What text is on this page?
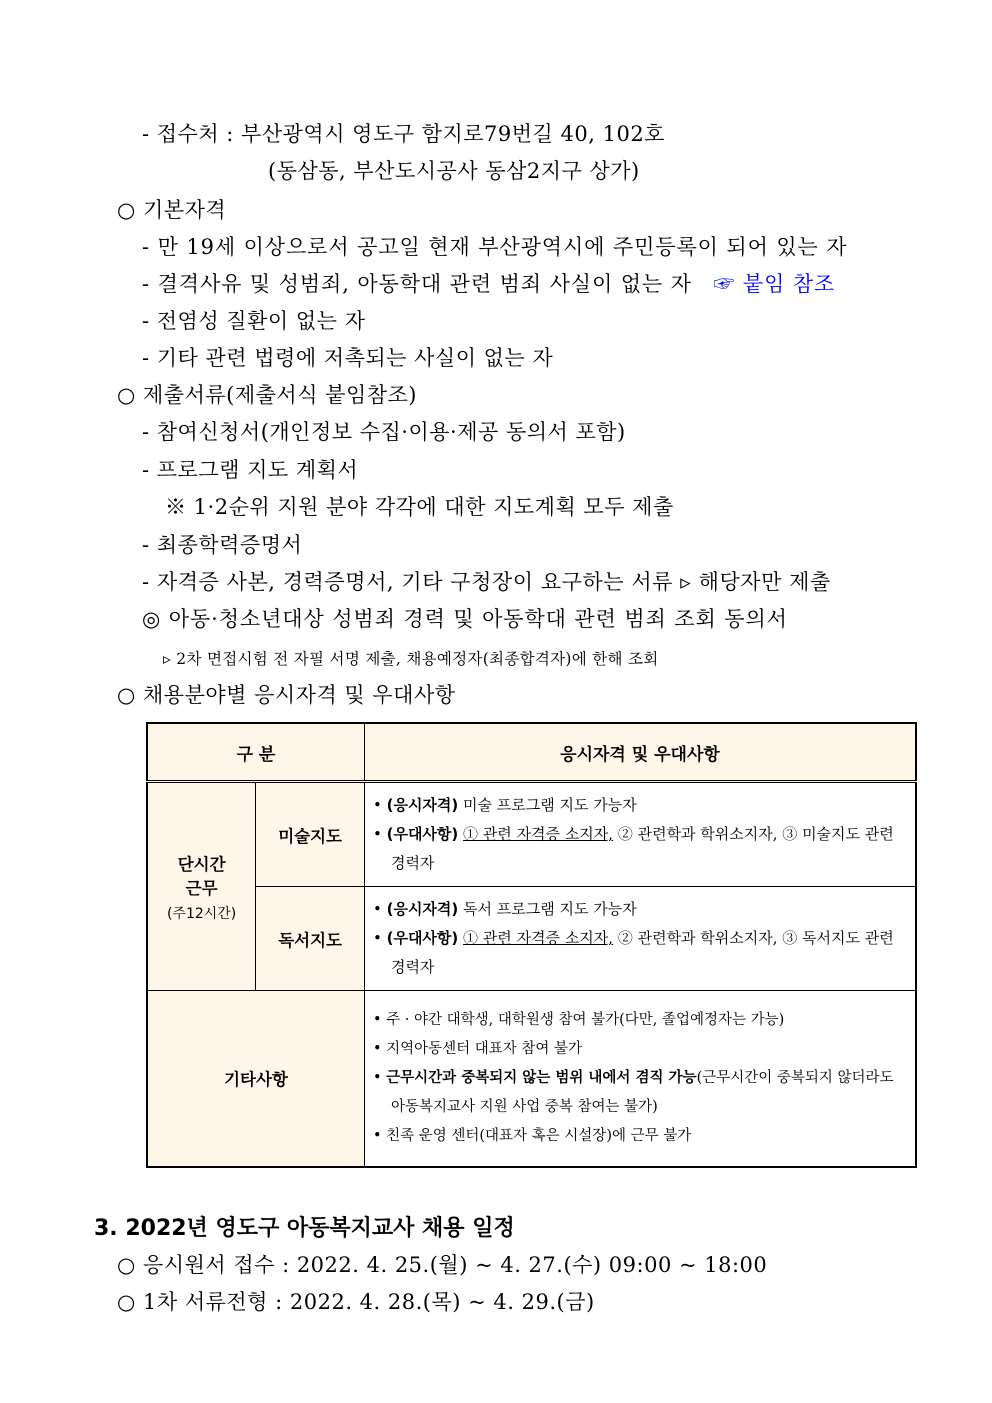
- 접수처 : 부산광역시 영도구 함지로79번길 40, 102호
(동삼동, 부산도시공사 동삼2지구 상가)
○ 기본자격
- 만 19세 이상으로서 공고일 현재 부산광역시에 주민등록이 되어 있는 자
- 결격사유 및 성범죄, 아동학대 관련 범죄 사실이 없는 자 ☞ 붙임 참조
- 전염성 질환이 없는 자
- 기타 관련 법령에 저촉되는 사실이 없는 자
○ 제출서류(제출서식 붙임참조)
- 참여신청서(개인정보 수집·이용·제공 동의서 포함)
- 프로그램 지도 계획서
※ 1·2순위 지원 분야 각각에 대한 지도계획 모두 제출
- 최종학력증명서
- 자격증 사본, 경력증명서, 기타 구청장이 요구하는 서류 ▹ 해당자만 제출
◎ 아동·청소년대상 성범죄 경력 및 아동학대 관련 범죄 조회 동의서
▹ 2차 면접시험 전 자필 서명 제출, 채용예정자(최종합격자)에 한해 조회
○ 채용분야별 응시자격 및 우대사항
구 분		응시자격 및 우대사항
단시간
근무
(주12시간)	미술지도	• (응시자격) 미술 프로그램 지도 가능자
• (우대사항) ① 관련 자격증 소지자, ② 관련학과 학위소지자, ③ 미술지도 관련 경력자

	독서지도	• (응시자격) 독서 프로그램 지도 가능자
• (우대사항) ① 관련 자격증 소지자, ② 관련학과 학위소지자, ③ 독서지도 관련 경력자

기타사항		• 주 · 야간 대학생, 대학원생 참여 불가(다만, 졸업예정자는 가능)
• 지역아동센터 대표자 참여 불가
• 근무시간과 중복되지 않는 범위 내에서 겸직 가능(근무시간이 중복되지 않더라도 아동복지교사 지원 사업 중복 참여는 불가)
• 친족 운영 센터(대표자 혹은 시설장)에 근무 불가
3. 2022년 영도구 아동복지교사 채용 일정
○ 응시원서 접수 : 2022. 4. 25.(월) ~ 4. 27.(수) 09:00 ~ 18:00
○ 1차 서류전형 : 2022. 4. 28.(목) ~ 4. 29.(금)
